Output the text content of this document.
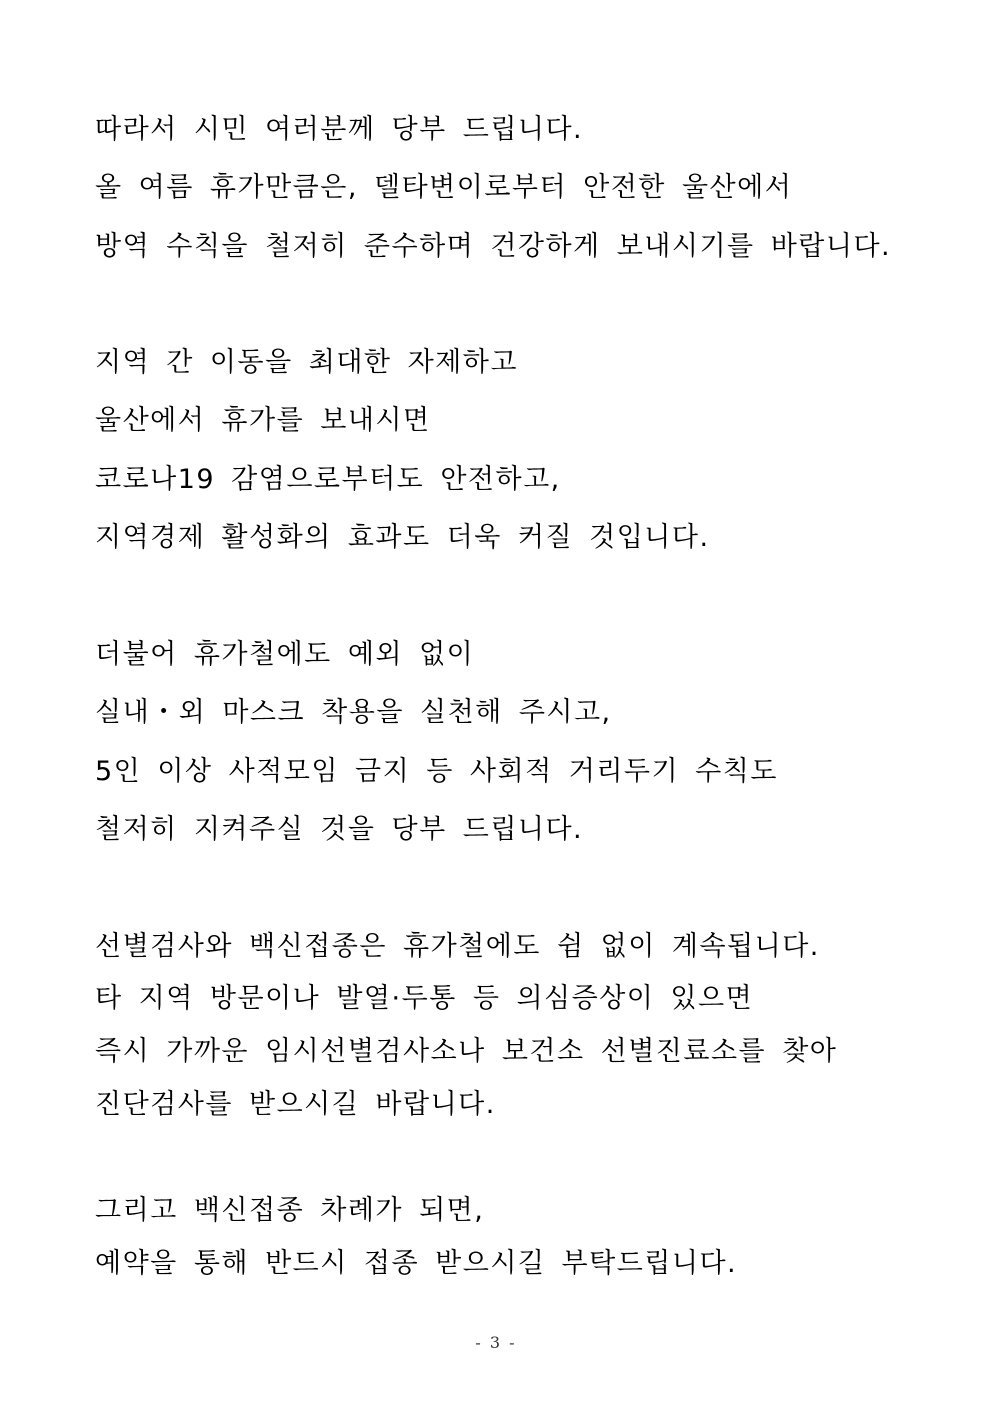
따라서 시민 여러분께 당부 드립니다.

올 여름 휴가만큼은, 델타변이로부터 안전한 울산에서

방역 수칙을 철저히 준수하며 건강하게 보내시기를 바랍니다.

지역 간 이동을 최대한 자제하고

울산에서 휴가를 보내시면

코로나19 감염으로부터도 안전하고,

지역경제 활성화의 효과도 더욱 커질 것입니다.

더불어 휴가철에도 예외 없이

실내・외 마스크 착용을 실천해 주시고,

5인 이상 사적모임 금지 등 사회적 거리두기 수칙도

철저히 지켜주실 것을 당부 드립니다.

선별검사와 백신접종은 휴가철에도 쉼 없이 계속됩니다.

타 지역 방문이나 발열·두통 등 의심증상이 있으면

즉시 가까운 임시선별검사소나 보건소 선별진료소를 찾아

진단검사를 받으시길 바랍니다.

그리고 백신접종 차례가 되면,

예약을 통해 반드시 접종 받으시길 부탁드립니다.

- 3 -
